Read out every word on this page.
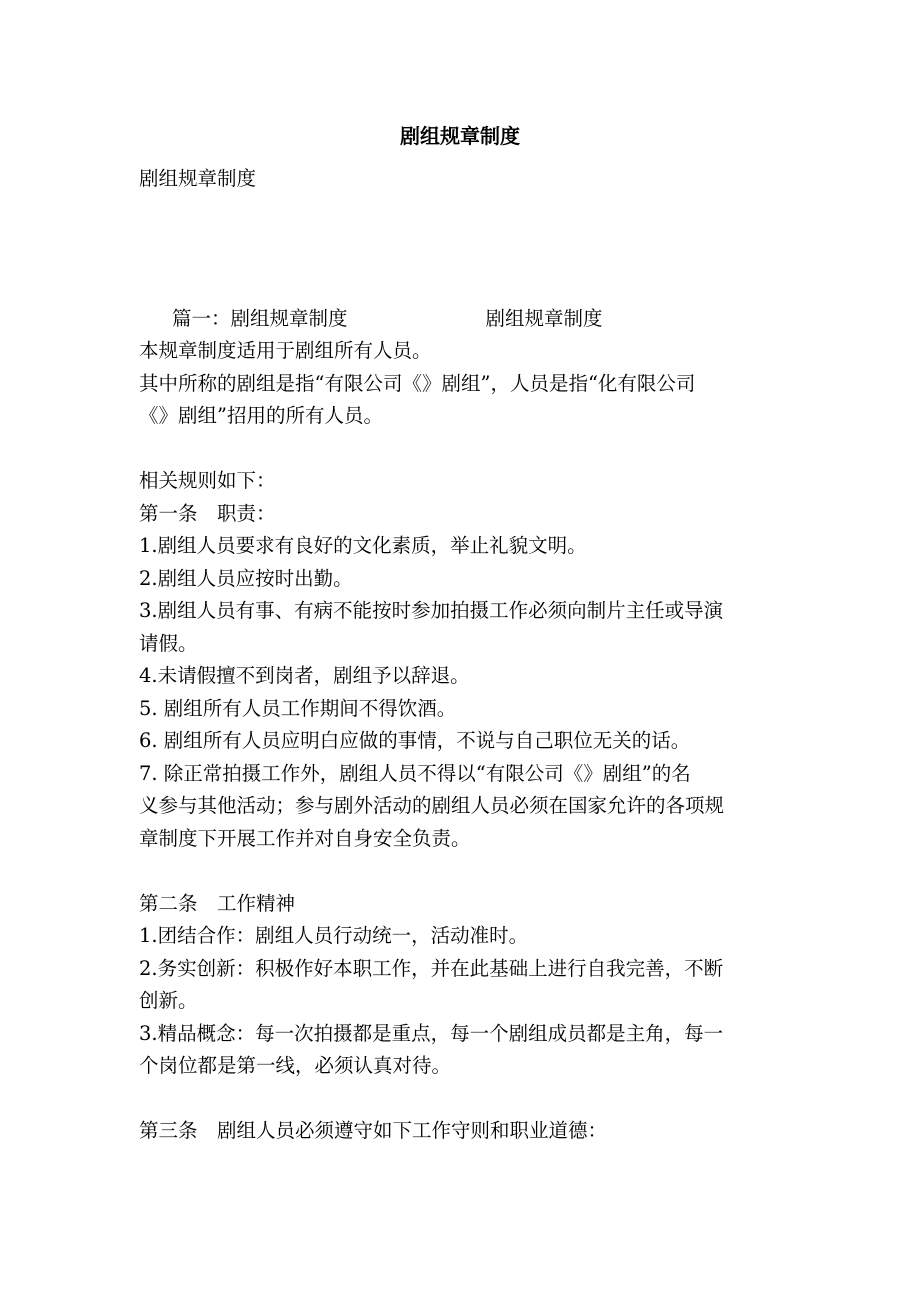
剧组规章制度
剧组规章制度
篇一：剧组规章制度	剧组规章制度
本规章制度适用于剧组所有人员。
其中所称的剧组是指“有限公司《》剧组”，人员是指“化有限公司
《》剧组”招用的所有人员。
相关规则如下：
第一条　职责：
1.剧组人员要求有良好的文化素质，举止礼貌文明。
2.剧组人员应按时出勤。
3.剧组人员有事、有病不能按时参加拍摄工作必须向制片主任或导演
请假。
4.未请假擅不到岗者，剧组予以辞退。
5. 剧组所有人员工作期间不得饮酒。
6. 剧组所有人员应明白应做的事情，不说与自己职位无关的话。
7. 除正常拍摄工作外，剧组人员不得以“有限公司《》剧组”的名
义参与其他活动；参与剧外活动的剧组人员必须在国家允许的各项规
章制度下开展工作并对自身安全负责。
第二条　工作精神
1.团结合作：剧组人员行动统一，活动准时。
2.务实创新：积极作好本职工作，并在此基础上进行自我完善，不断
创新。
3.精品概念：每一次拍摄都是重点，每一个剧组成员都是主角，每一
个岗位都是第一线，必须认真对待。
第三条　剧组人员必须遵守如下工作守则和职业道德：
